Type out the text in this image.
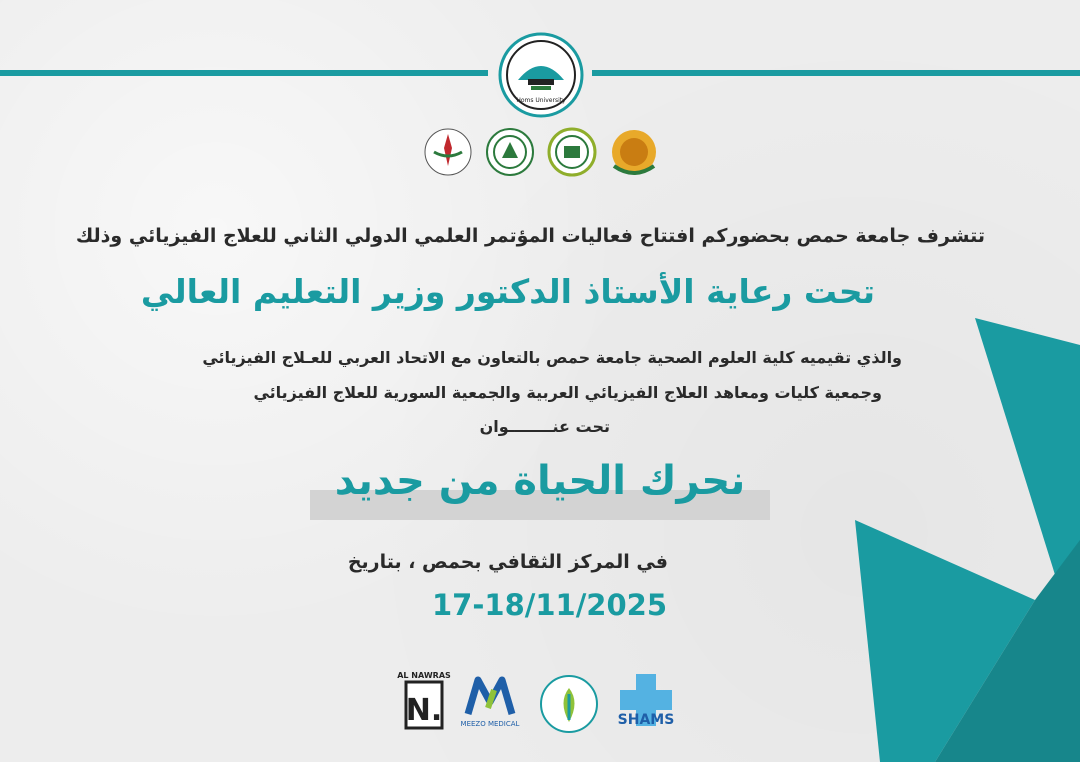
Homs University
تتشرف جامعة حمص بحضوركم افتتاح فعاليات المؤتمر العلمي الدولي الثاني للعلاج الفيزيائي وذلك
تحت رعاية الأستاذ الدكتور وزير التعليم العالي
والذي تقيميه كلية العلوم الصحية جامعة حمص بالتعاون مع الاتحاد العربي للعـلاج الفيزيائي
وجمعية كليات ومعاهد العلاج الفيزيائي العربية والجمعية السورية للعلاج الفيزيائي
تحت عنــــــــوان
نحرك الحياة من جديد
في المركز الثقافي بحمص ، بتاريخ
17-18/11/2025
AL NAWRAS
N.	MEEZO MEDICAL	SHAMS
